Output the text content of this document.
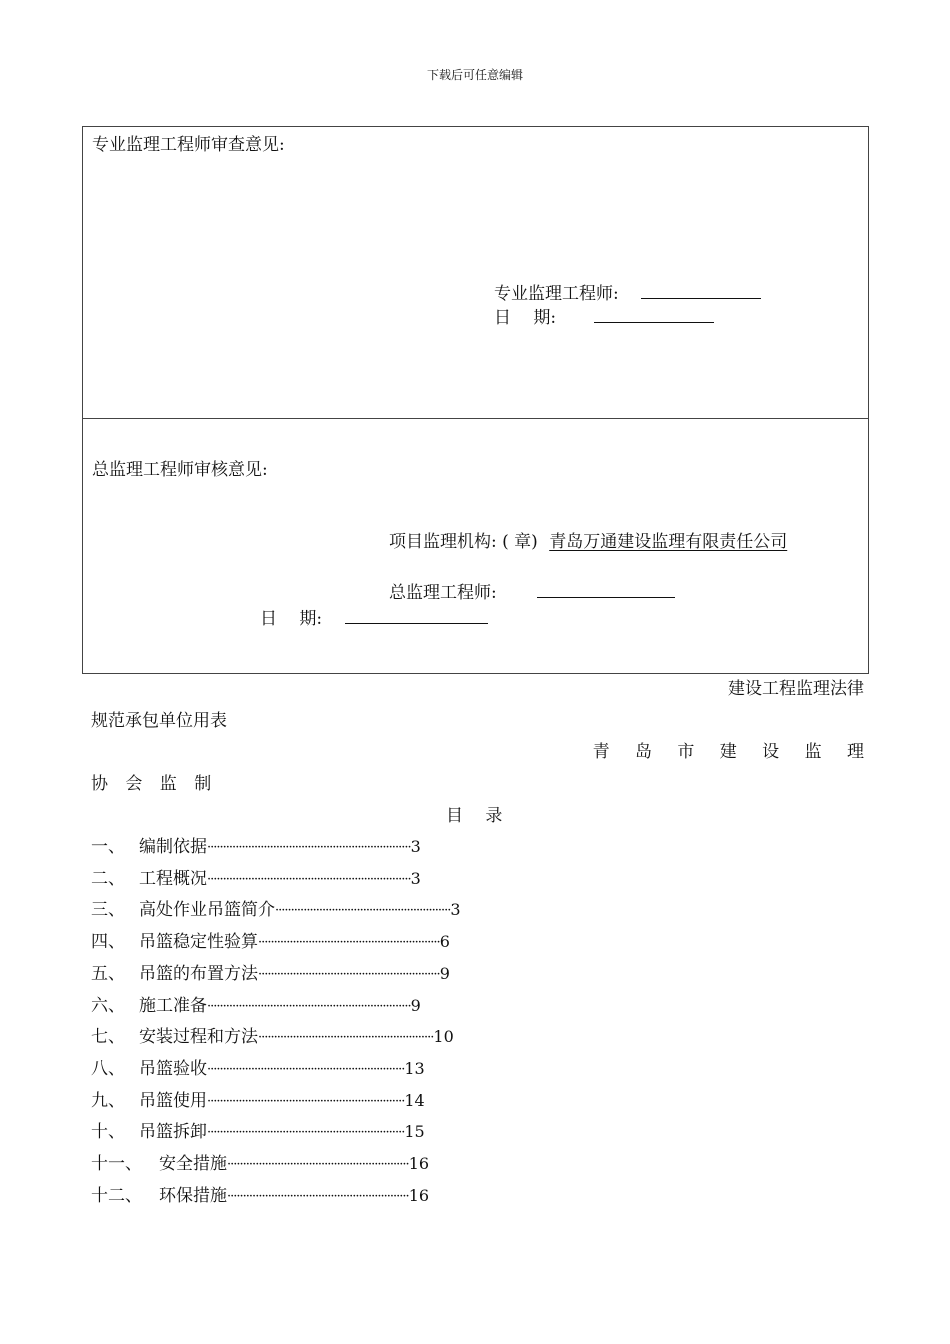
下载后可任意编辑
专业监理工程师审查意见:
专业监理工程师:
日　 期:
总监理工程师审核意见:
项目监理机构: ( 章) 青岛万通建设监理有限责任公司
总监理工程师:
日　 期:
建设工程监理法律
规范承包单位用表
青 岛 市 建 设 监 理
协 会 监 制
目　 录
一、 编制依据·································································3
二、 工程概况·································································3
三、 高处作业吊篮简介························································3
四、 吊篮稳定性验算··························································6
五、 吊篮的布置方法··························································9
六、 施工准备·································································9
七、 安装过程和方法························································10
八、 吊篮验收·······························································13
九、 吊篮使用·······························································14
十、 吊篮拆卸·······························································15
十一、 安全措施··························································16
十二、 环保措施··························································16
